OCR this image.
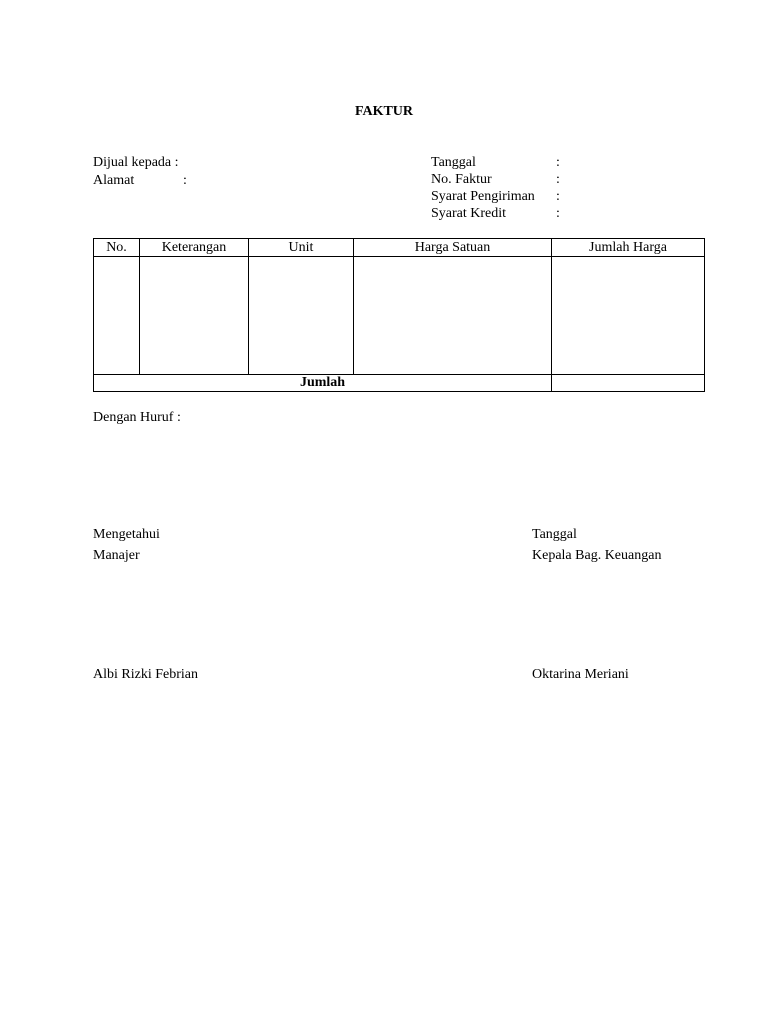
FAKTUR
Dijual kepada :
Alamat	:
Tanggal	:
No. Faktur	:
Syarat Pengiriman :
Syarat Kredit	:
No.	Keterangan	Unit	Harga Satuan	Jumlah Harga

Jumlah				
Dengan Huruf :
Mengetahui
Manajer
Albi Rizki Febrian
Tanggal
Kepala Bag. Keuangan
Oktarina Meriani
